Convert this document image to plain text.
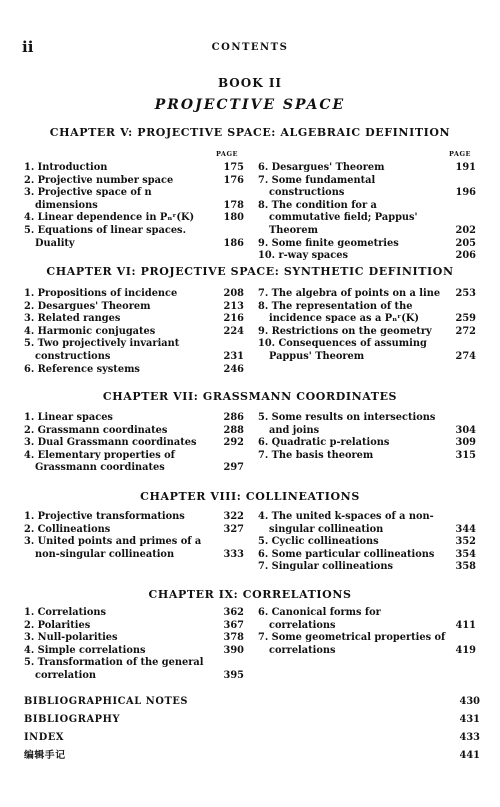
ii	CONTENTS
BOOK II
PROJECTIVE SPACE
CHAPTER V: PROJECTIVE SPACE: ALGEBRAIC DEFINITION
PAGE	PAGE
1. Introduction	175
2. Projective number space	176
3. Projective space of n dimensions	178
4. Linear dependence in Pₙʳ(K)	180
5. Equations of linear spaces. Duality	186
6. Desargues' Theorem	191
7. Some fundamental constructions	196
8. The condition for a commutative field; Pappus' Theorem	202
9. Some finite geometries	205
10. r-way spaces	206
CHAPTER VI: PROJECTIVE SPACE: SYNTHETIC DEFINITION
1. Propositions of incidence	208
2. Desargues' Theorem	213
3. Related ranges	216
4. Harmonic conjugates	224
5. Two projectively invariant constructions	231
6. Reference systems	246
7. The algebra of points on a line	253
8. The representation of the incidence space as a Pₙʳ(K)	259
9. Restrictions on the geometry	272
10. Consequences of assuming Pappus' Theorem	274
CHAPTER VII: GRASSMANN COORDINATES
1. Linear spaces	286
2. Grassmann coordinates	288
3. Dual Grassmann coordinates	292
4. Elementary properties of Grassmann coordinates	297
5. Some results on intersections and joins	304
6. Quadratic p-relations	309
7. The basis theorem	315
CHAPTER VIII: COLLINEATIONS
1. Projective transformations	322
2. Collineations	327
3. United points and primes of a non-singular collineation	333
4. The united k-spaces of a non-singular collineation	344
5. Cyclic collineations	352
6. Some particular collineations	354
7. Singular collineations	358
CHAPTER IX: CORRELATIONS
1. Correlations	362
2. Polarities	367
3. Null-polarities	378
4. Simple correlations	390
5. Transformation of the general correlation	395
6. Canonical forms for correlations	411
7. Some geometrical properties of correlations	419
BIBLIOGRAPHICAL NOTES	430
BIBLIOGRAPHY	431
INDEX	433
编辑手记	441
